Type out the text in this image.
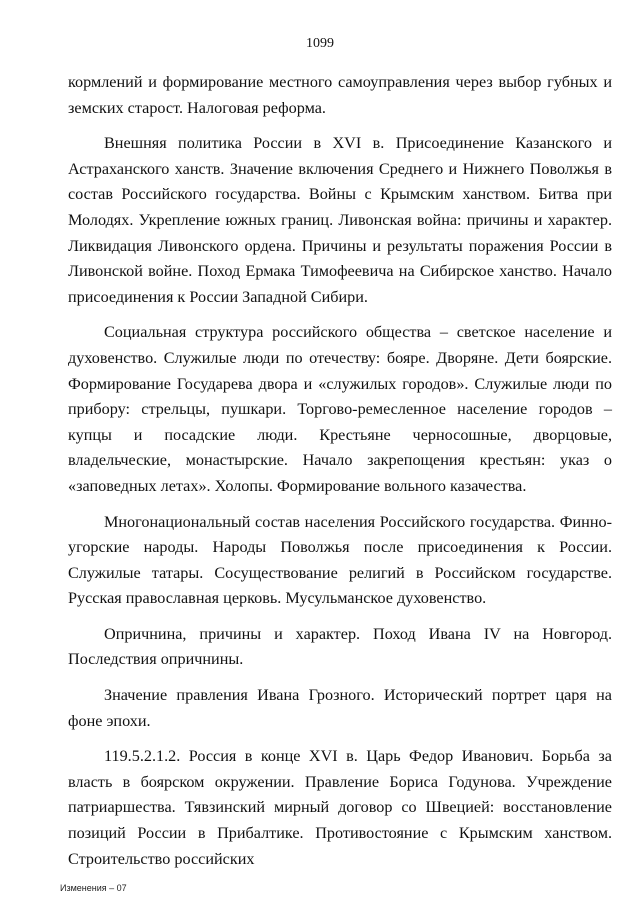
1099

кормлений и формирование местного самоуправления через выбор губных и земских старост. Налоговая реформа.

Внешняя политика России в XVI в. Присоединение Казанского и Астраханского ханств. Значение включения Среднего и Нижнего Поволжья в состав Российского государства. Войны с Крымским ханством. Битва при Молодях. Укрепление южных границ. Ливонская война: причины и характер. Ликвидация Ливонского ордена. Причины и результаты поражения России в Ливонской войне. Поход Ермака Тимофеевича на Сибирское ханство. Начало присоединения к России Западной Сибири.

Социальная структура российского общества – светское население и духовенство. Служилые люди по отечеству: бояре. Дворяне. Дети боярские. Формирование Государева двора и «служилых городов». Служилые люди по прибору: стрельцы, пушкари. Торгово-ремесленное население городов – купцы и посадские люди. Крестьяне черносошные, дворцовые, владельческие, монастырские. Начало закрепощения крестьян: указ о «заповедных летах». Холопы. Формирование вольного казачества.

Многонациональный состав населения Российского государства. Финно-угорские народы. Народы Поволжья после присоединения к России. Служилые татары. Сосуществование религий в Российском государстве. Русская православная церковь. Мусульманское духовенство.

Опричнина, причины и характер. Поход Ивана IV на Новгород. Последствия опричнины.

Значение правления Ивана Грозного. Исторический портрет царя на фоне эпохи.

119.5.2.1.2. Россия в конце XVI в. Царь Федор Иванович. Борьба за власть в боярском окружении. Правление Бориса Годунова. Учреждение патриаршества. Тявзинский мирный договор со Швецией: восстановление позиций России в Прибалтике. Противостояние с Крымским ханством. Строительство российских

Изменения – 07
